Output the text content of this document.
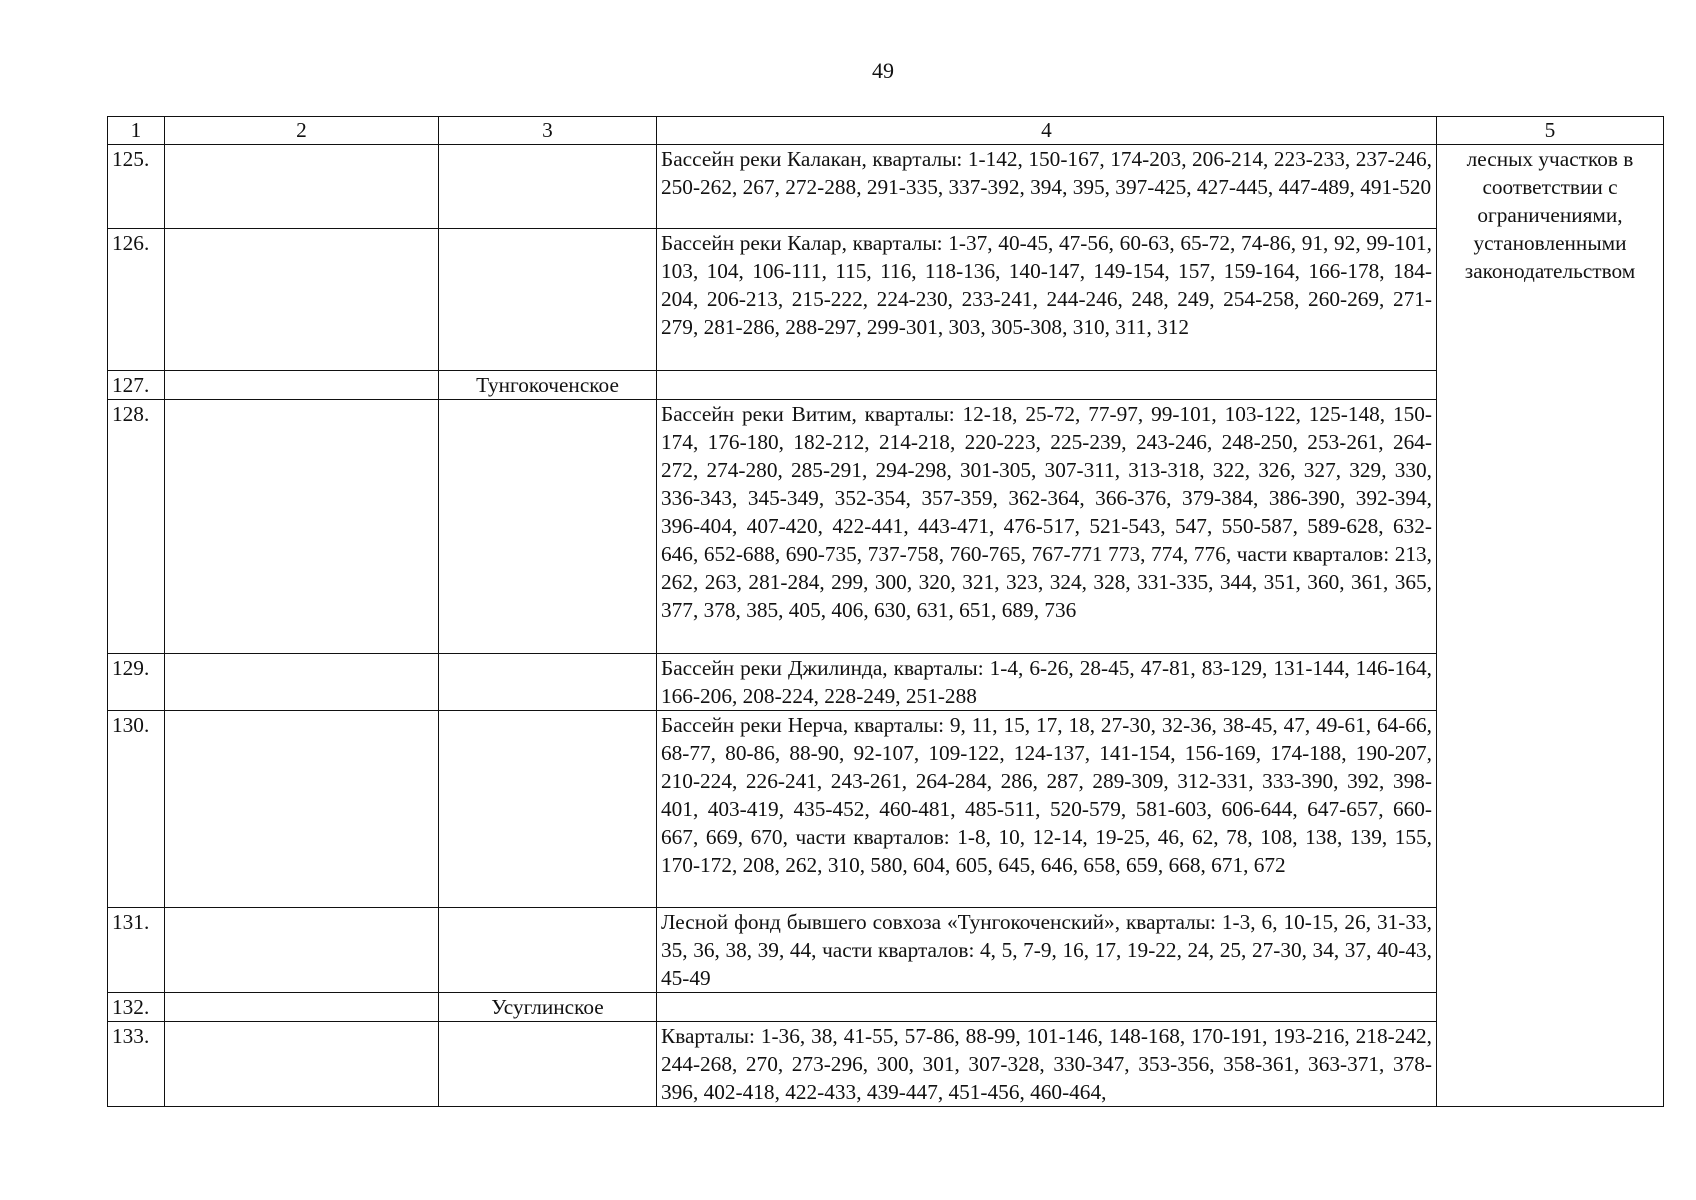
49
1	2	3	4	5
125.			Бассейн реки Калакан, кварталы: 1-142, 150-167, 174-203, 206-214, 223-233, 237-246, 250-262, 267, 272-288, 291-335, 337-392, 394, 395, 397-425, 427-445, 447-489, 491-520	лесных участков в соответствии с ограничениями, установленными законодательством
126.			Бассейн реки Калар, кварталы: 1-37, 40-45, 47-56, 60-63, 65-72, 74-86, 91, 92, 99-101, 103, 104, 106-111, 115, 116, 118-136, 140-147, 149-154, 157, 159-164, 166-178, 184-204, 206-213, 215-222, 224-230, 233-241, 244-246, 248, 249, 254-258, 260-269, 271-279, 281-286, 288-297, 299-301, 303, 305-308, 310, 311, 312	
127.		Тунгокоченское		
128.			Бассейн реки Витим, кварталы: 12-18, 25-72, 77-97, 99-101, 103-122, 125-148, 150-174, 176-180, 182-212, 214-218, 220-223, 225-239, 243-246, 248-250, 253-261, 264-272, 274-280, 285-291, 294-298, 301-305, 307-311, 313-318, 322, 326, 327, 329, 330, 336-343, 345-349, 352-354, 357-359, 362-364, 366-376, 379-384, 386-390, 392-394, 396-404, 407-420, 422-441, 443-471, 476-517, 521-543, 547, 550-587, 589-628, 632-646, 652-688, 690-735, 737-758, 760-765, 767-771 773, 774, 776, части кварталов: 213, 262, 263, 281-284, 299, 300, 320, 321, 323, 324, 328, 331-335, 344, 351, 360, 361, 365, 377, 378, 385, 405, 406, 630, 631, 651, 689, 736	
129.			Бассейн реки Джилинда, кварталы: 1-4, 6-26, 28-45, 47-81, 83-129, 131-144, 146-164, 166-206, 208-224, 228-249, 251-288	
130.			Бассейн реки Нерча, кварталы: 9, 11, 15, 17, 18, 27-30, 32-36, 38-45, 47, 49-61, 64-66, 68-77, 80-86, 88-90, 92-107, 109-122, 124-137, 141-154, 156-169, 174-188, 190-207, 210-224, 226-241, 243-261, 264-284, 286, 287, 289-309, 312-331, 333-390, 392, 398-401, 403-419, 435-452, 460-481, 485-511, 520-579, 581-603, 606-644, 647-657, 660-667, 669, 670, части кварталов: 1-8, 10, 12-14, 19-25, 46, 62, 78, 108, 138, 139, 155, 170-172, 208, 262, 310, 580, 604, 605, 645, 646, 658, 659, 668, 671, 672	
131.			Лесной фонд бывшего совхоза «Тунгокоченский», кварталы: 1-3, 6, 10-15, 26, 31-33, 35, 36, 38, 39, 44, части кварталов: 4, 5, 7-9, 16, 17, 19-22, 24, 25, 27-30, 34, 37, 40-43, 45-49	
132.		Усуглинское		
133.			Кварталы: 1-36, 38, 41-55, 57-86, 88-99, 101-146, 148-168, 170-191, 193-216, 218-242, 244-268, 270, 273-296, 300, 301, 307-328, 330-347, 353-356, 358-361, 363-371, 378-396, 402-418, 422-433, 439-447, 451-456, 460-464,	
